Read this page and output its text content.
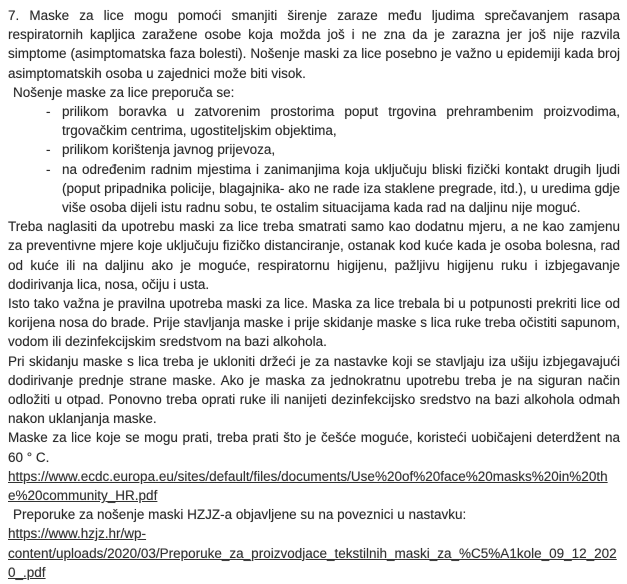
7. Maske za lice mogu pomoći smanjiti širenje zaraze među ljudima sprečavanjem rasapa respiratornih kapljica zaražene osobe koja možda još i ne zna da je zarazna jer još nije razvila simptome (asimptomatska faza bolesti). Nošenje maski za lice posebno je važno u epidemiji kada broj asimptomatskih osoba u zajednici može biti visok.

Nošenje maske za lice preporuča se:

- prilikom boravka u zatvorenim prostorima poput trgovina prehrambenim proizvodima, trgovačkim centrima, ugostiteljskim objektima,
- prilikom korištenja javnog prijevoza,
- na određenim radnim mjestima i zanimanjima koja uključuju bliski fizički kontakt drugih ljudi (poput pripadnika policije, blagajnika- ako ne rade iza staklene pregrade, itd.), u uredima gdje više osoba dijeli istu radnu sobu, te ostalim situacijama kada rad na daljinu nije moguć.

Treba naglasiti da upotrebu maski za lice treba smatrati samo kao dodatnu mjeru, a ne kao zamjenu za preventivne mjere koje uključuju fizičko distanciranje, ostanak kod kuće kada je osoba bolesna, rad od kuće ili na daljinu ako je moguće, respiratornu higijenu, pažljivu higijenu ruku i izbjegavanje dodirivanja lica, nosa, očiju i usta.

Isto tako važna je pravilna upotreba maski za lice. Maska za lice trebala bi u potpunosti prekriti lice od korijena nosa do brade. Prije stavljanja maske i prije skidanje maske s lica ruke treba očistiti sapunom, vodom ili dezinfekcijskim sredstvom na bazi alkohola.

Pri skidanju maske s lica treba je ukloniti držeći je za nastavke koji se stavljaju iza ušiju izbjegavajući dodirivanje prednje strane maske. Ako je maska za jednokratnu upotrebu treba je na siguran način odložiti u otpad. Ponovno treba oprati ruke ili nanijeti dezinfekcijsko sredstvo na bazi alkohola odmah nakon uklanjanja maske.

Maske za lice koje se mogu prati, treba prati što je češće moguće, koristeći uobičajeni deterdžent na 60 ° C.

https://www.ecdc.europa.eu/sites/default/files/documents/Use%20of%20face%20masks%20in%20the%20community_HR.pdf

Preporuke za nošenje maski HZJZ-a objavljene su na poveznici u nastavku:

https://www.hzjz.hr/wp-
content/uploads/2020/03/Preporuke_za_proizvodjace_tekstilnih_maski_za_%C5%A1kole_09_12_2020_.pdf
